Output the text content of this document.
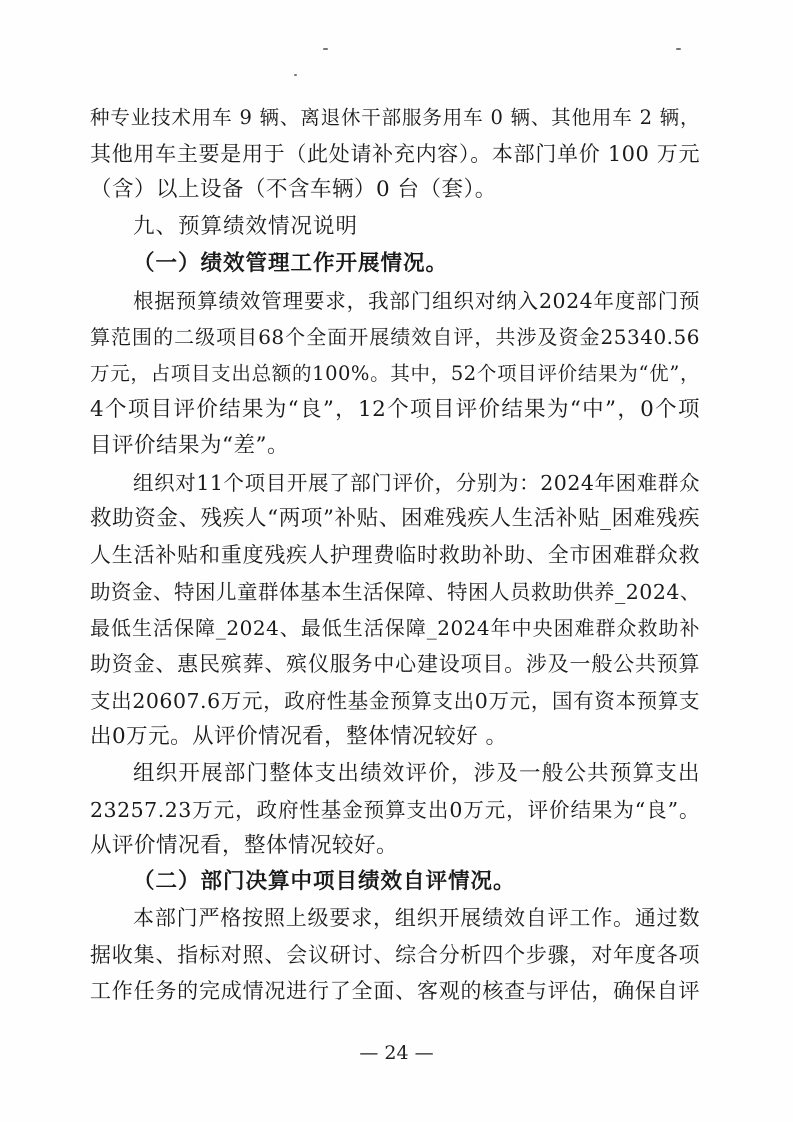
种专业技术用车 9 辆、离退休干部服务用车 0 辆、其他用车 2 辆，
其他用车主要是用于（此处请补充内容）。本部门单价 100 万元
（含）以上设备（不含车辆）0 台（套）。
九、预算绩效情况说明
（一）绩效管理工作开展情况。
根据预算绩效管理要求，我部门组织对纳入2024年度部门预
算范围的二级项目68个全面开展绩效自评，共涉及资金25340.56
万元，占项目支出总额的100%。其中，52个项目评价结果为“优”，
4个项目评价结果为“良”，12个项目评价结果为“中”，0个项
目评价结果为“差”。
组织对11个项目开展了部门评价，分别为：2024年困难群众
救助资金、残疾人“两项”补贴、困难残疾人生活补贴_困难残疾
人生活补贴和重度残疾人护理费临时救助补助、全市困难群众救
助资金、特困儿童群体基本生活保障、特困人员救助供养_2024、
最低生活保障_2024、最低生活保障_2024年中央困难群众救助补
助资金、惠民殡葬、殡仪服务中心建设项目。涉及一般公共预算
支出20607.6万元，政府性基金预算支出0万元，国有资本预算支
出0万元。从评价情况看，整体情况较好 。
组织开展部门整体支出绩效评价，涉及一般公共预算支出
23257.23万元，政府性基金预算支出0万元，评价结果为“良”。
从评价情况看，整体情况较好。
（二）部门决算中项目绩效自评情况。
本部门严格按照上级要求，组织开展绩效自评工作。通过数
据收集、指标对照、会议研讨、综合分析四个步骤，对年度各项
工作任务的完成情况进行了全面、客观的核查与评估，确保自评
— 24 —
